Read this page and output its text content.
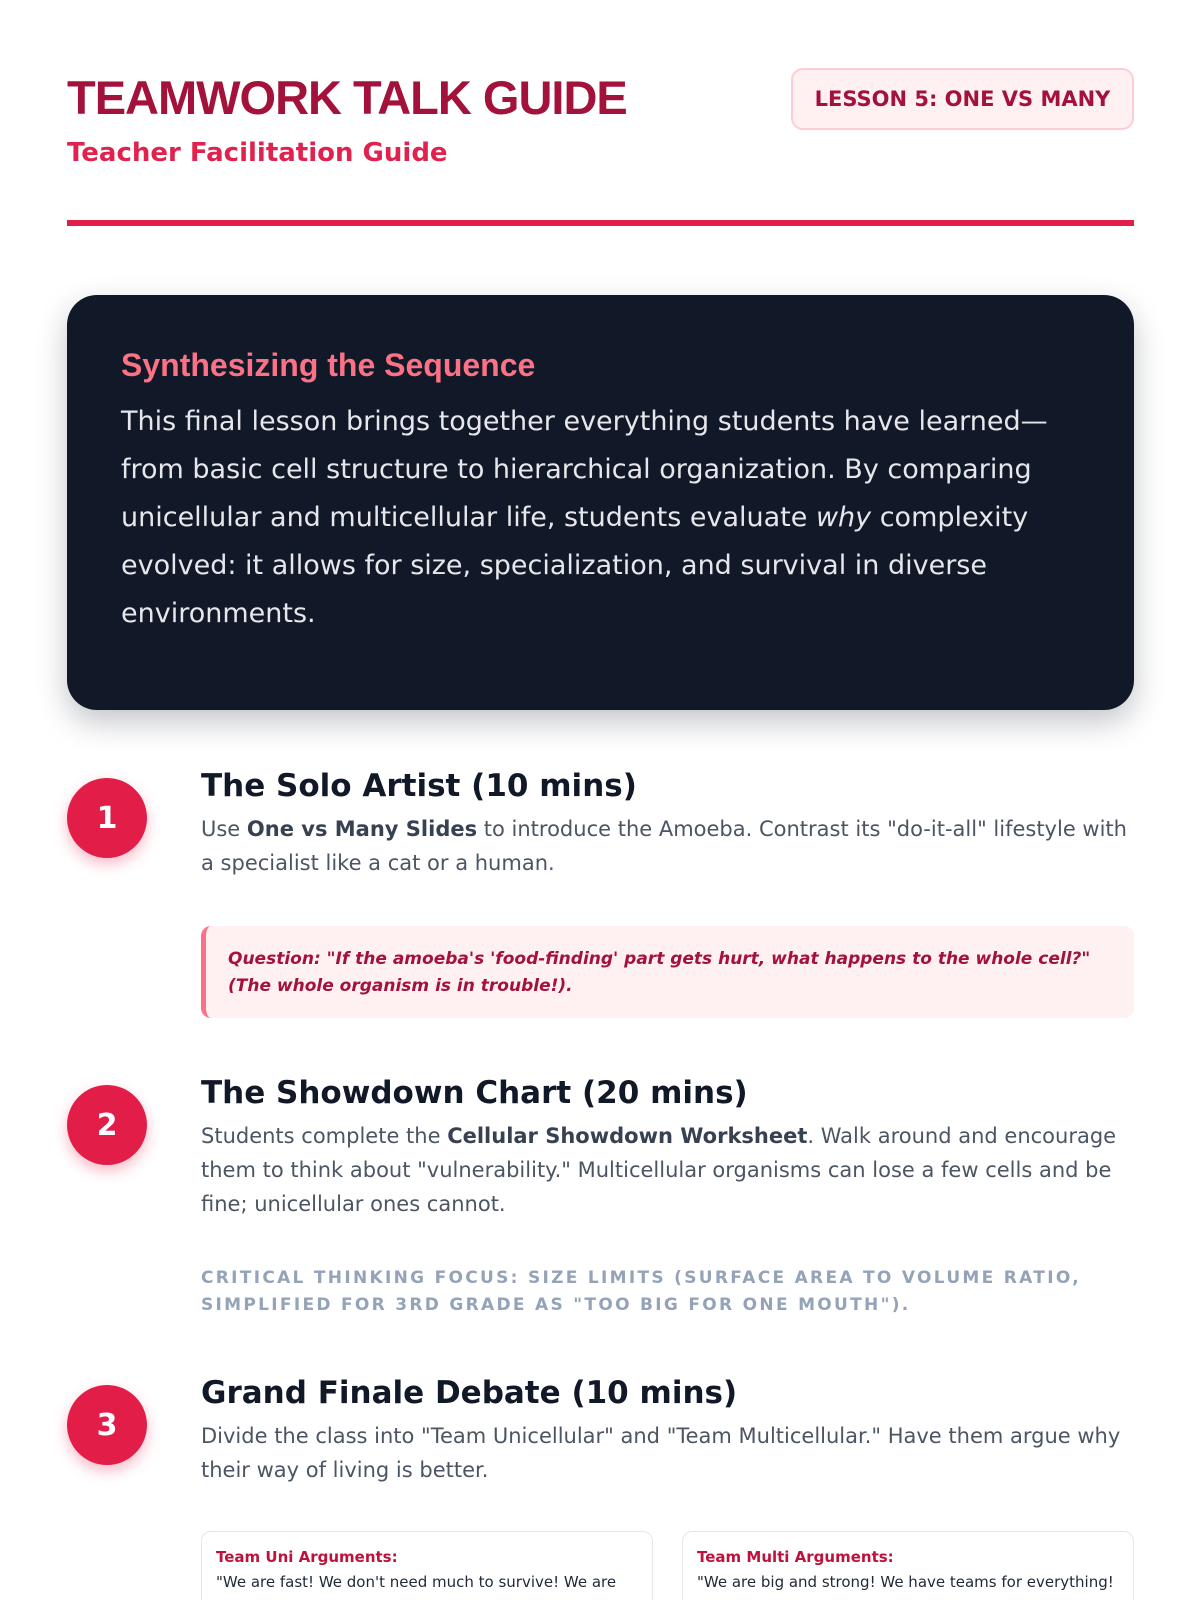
TEAMWORK TALK GUIDE
Teacher Facilitation Guide
LESSON 5: ONE VS MANY
Synthesizing the Sequence

This final lesson brings together everything students have learned—from basic cell structure to hierarchical organization. By comparing unicellular and multicellular life, students evaluate why complexity evolved: it allows for size, specialization, and survival in diverse environments.

1
The Solo Artist (10 mins)

Use One vs Many Slides to introduce the Amoeba. Contrast its "do-it-all" lifestyle with a specialist like a cat or a human.

Question: "If the amoeba's 'food-finding' part gets hurt, what happens to the whole cell?" (The whole organism is in trouble!).
2
The Showdown Chart (20 mins)

Students complete the Cellular Showdown Worksheet. Walk around and encourage them to think about "vulnerability." Multicellular organisms can lose a few cells and be fine; unicellular ones cannot.

CRITICAL THINKING FOCUS: SIZE LIMITS (SURFACE AREA TO VOLUME RATIO, SIMPLIFIED FOR 3RD GRADE AS "TOO BIG FOR ONE MOUTH").
3
Grand Finale Debate (10 mins)

Divide the class into "Team Unicellular" and "Team Multicellular." Have them argue why their way of living is better.

Team Uni Arguments:
"We are fast! We don't need much to survive! We are
Team Multi Arguments:
"We are big and strong! We have teams for everything!
